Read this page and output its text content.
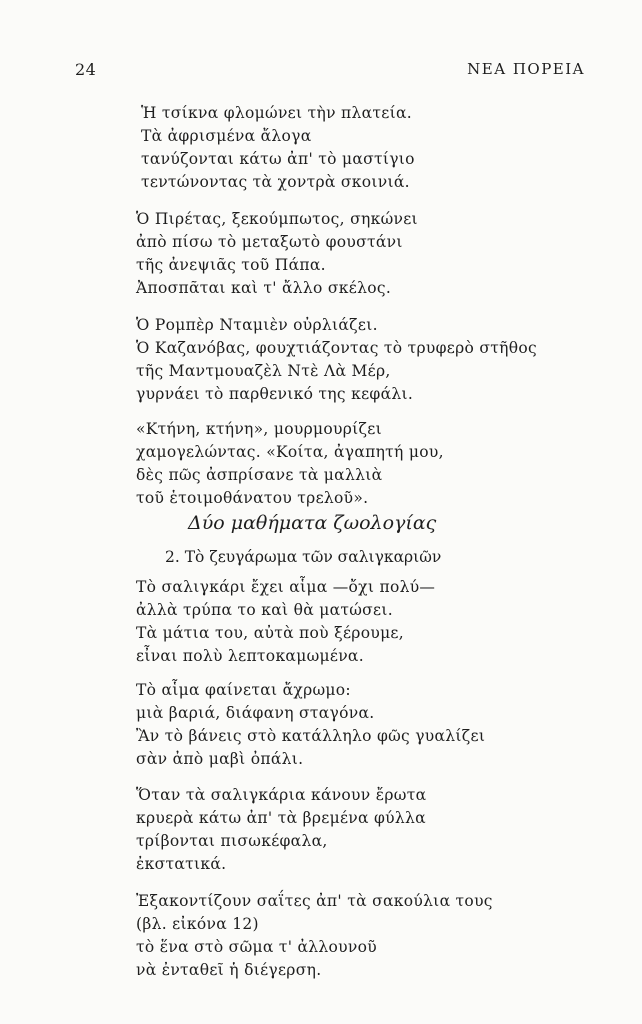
24	ΝΕΑ ΠΟΡΕΙΑ
Ἡ τσίκνα φλομώνει τὴν πλατεία.
Τὰ ἀφρισμένα ἄλογα
τανύζονται κάτω ἀπ' τὸ μαστίγιο
τεντώνοντας τὰ χοντρὰ σκοινιά.
Ὁ Πιρέτας, ξεκούμπωτος, σηκώνει
ἀπὸ πίσω τὸ μεταξωτὸ φουστάνι
τῆς ἀνεψιᾶς τοῦ Πάπα.
Ἀποσπᾶται καὶ τ' ἄλλο σκέλος.
Ὁ Ρομπὲρ Νταμιὲν οὐρλιάζει.
Ὁ Καζανόβας, φουχτιάζοντας τὸ τρυφερὸ στῆθος
τῆς Μαντμουαζὲλ Ντὲ Λὰ Μέρ,
γυρνάει τὸ παρθενικό της κεφάλι.
«Κτήνη, κτήνη», μουρμουρίζει
χαμογελώντας. «Κοίτα, ἀγαπητή μου,
δὲς πῶς ἀσπρίσανε τὰ μαλλιὰ
τοῦ ἑτοιμοθάνατου τρελοῦ».
Δύο μαθήματα ζωολογίας
2. Τὸ ζευγάρωμα τῶν σαλιγκαριῶν
Τὸ σαλιγκάρι ἔχει αἷμα —ὄχι πολύ—
ἀλλὰ τρύπα το καὶ θὰ ματώσει.
Τὰ μάτια του, αὐτὰ ποὺ ξέρουμε,
εἶναι πολὺ λεπτοκαμωμένα.
Τὸ αἷμα φαίνεται ἄχρωμο:
μιὰ βαριά, διάφανη σταγόνα.
Ἂν τὸ βάνεις στὸ κατάλληλο φῶς γυαλίζει
σὰν ἀπὸ μαβὶ ὀπάλι.
Ὅταν τὰ σαλιγκάρια κάνουν ἔρωτα
κρυερὰ κάτω ἀπ' τὰ βρεμένα φύλλα
τρίβονται πισωκέφαλα,
ἐκστατικά.
Ἐξακοντίζουν σαΐτες ἀπ' τὰ σακούλια τους
(βλ. εἰκόνα 12)
τὸ ἕνα στὸ σῶμα τ' ἀλλουνοῦ
νὰ ἐνταθεῖ ἡ διέγερση.
